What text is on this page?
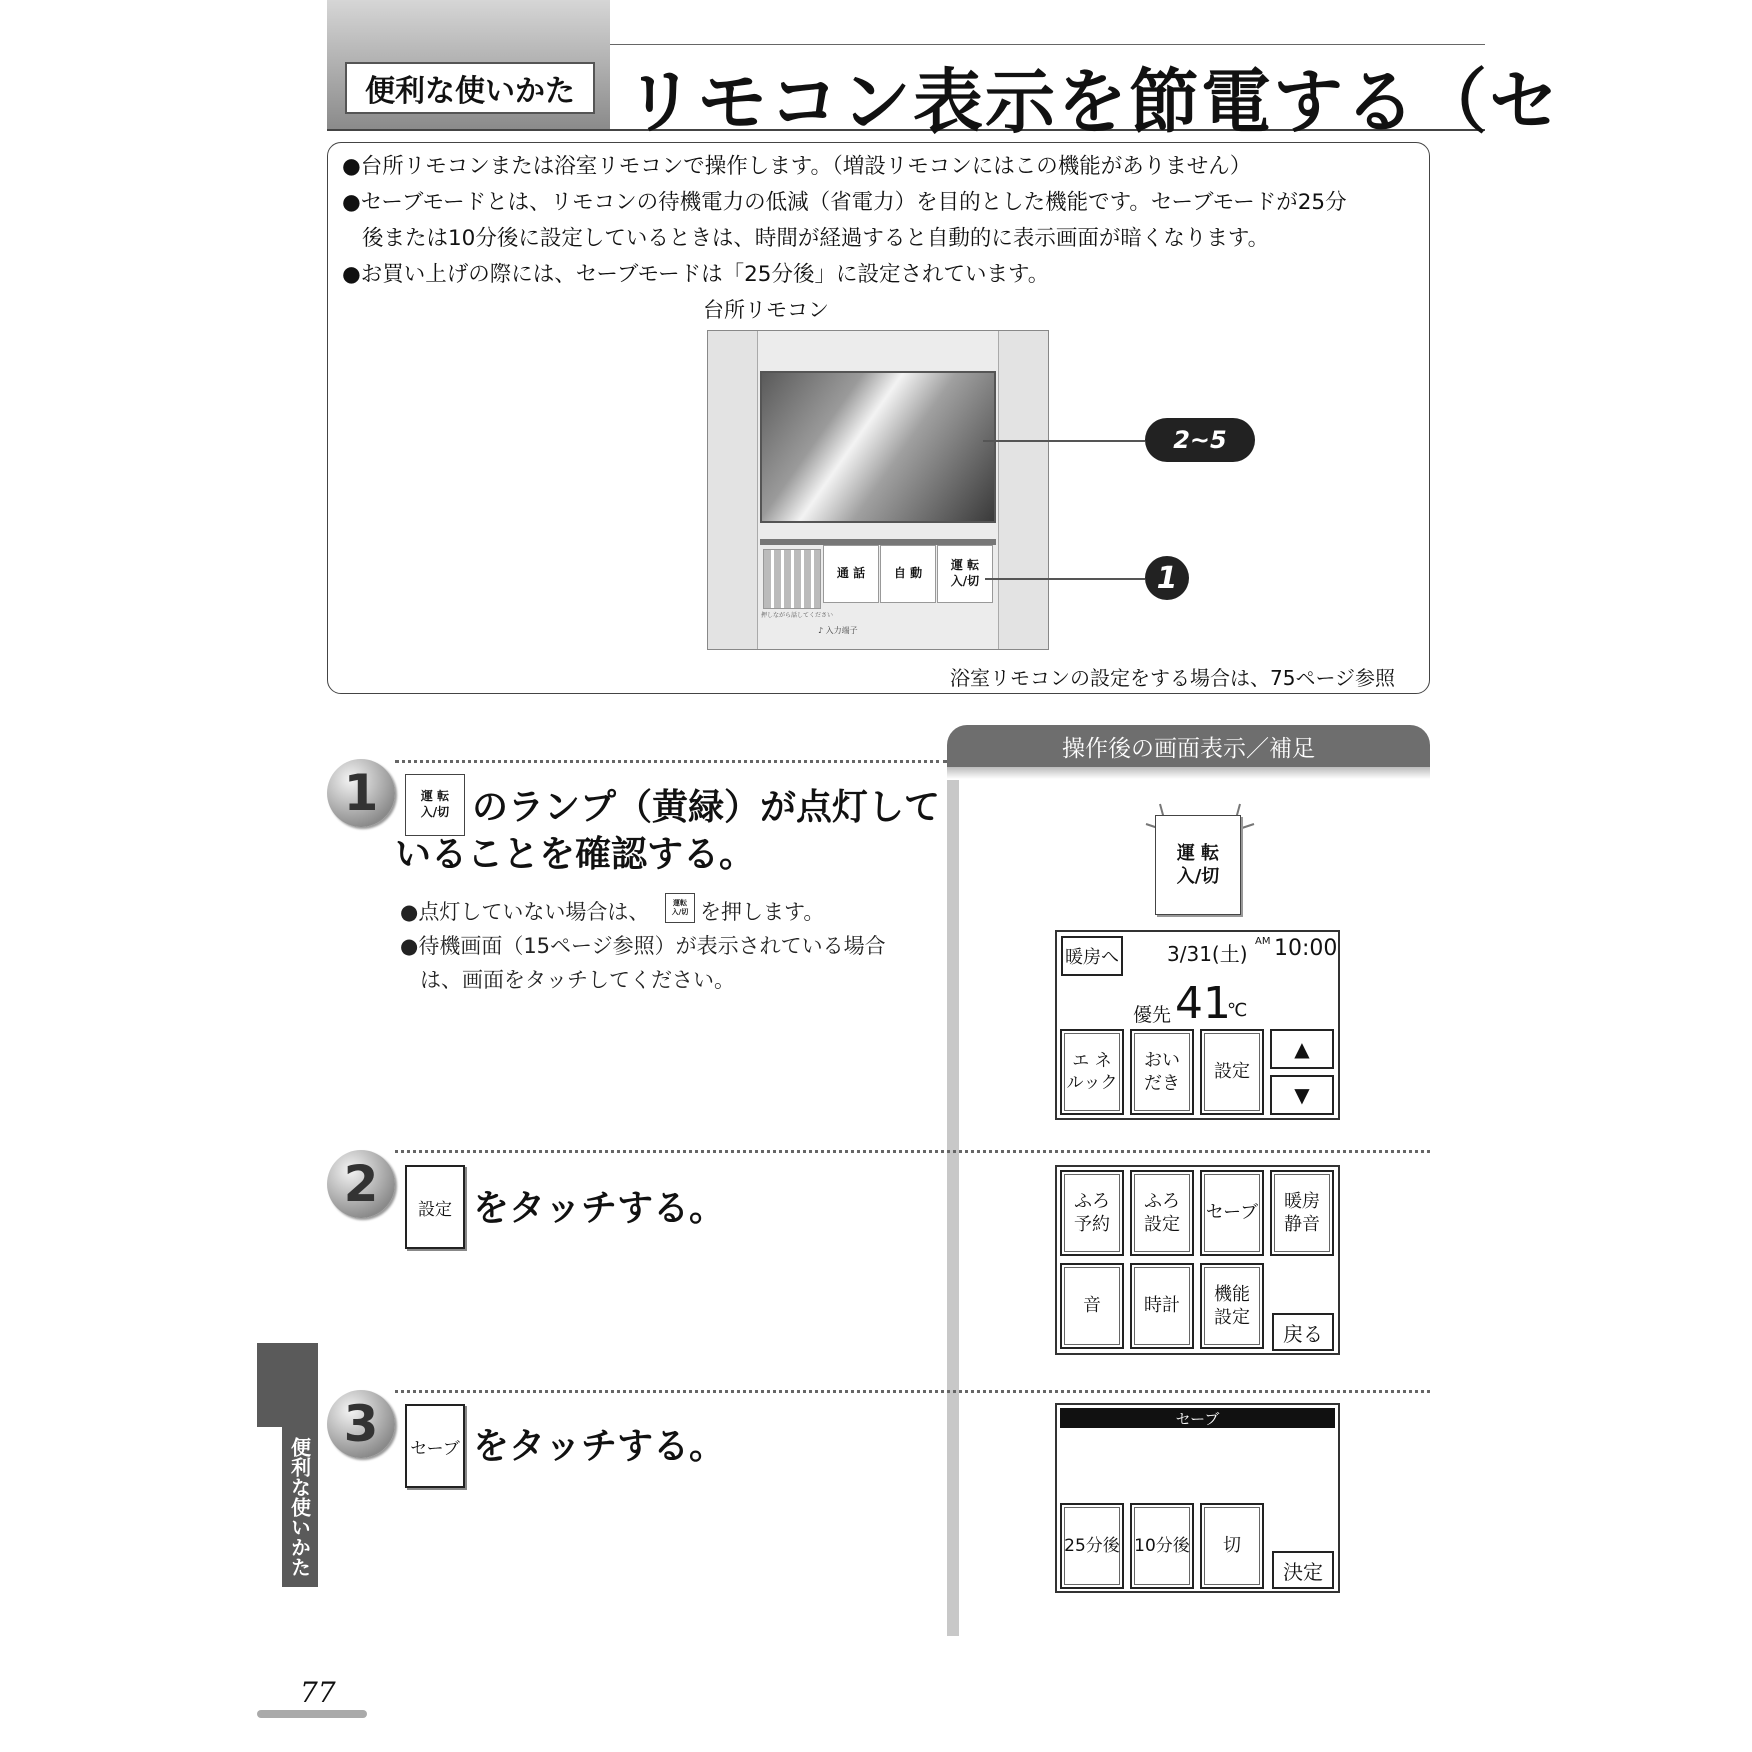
便利な使いかた リモコン表示を節電する（セ

●台所リモコンまたは浴室リモコンで操作します。（増設リモコンにはこの機能がありません）

●セーブモードとは、リモコンの待機電力の低減（省電力）を目的とした機能です。セーブモードが25分

後または10分後に設定しているときは、時間が経過すると自動的に表示画面が暗くなります。

●お買い上げの際には、セーブモードは「25分後」に設定されています。

台所リモコン
押しながら話してください
通 話	自 動
運 転
入/切
♪ 入力端子
2~5
1
浴室リモコンの設定をする場合は、75ページ参照
操作後の画面表示／補足
1	運 転
入/切 のランプ（黄緑）が点灯して
いることを確認する。
●点灯していない場合は、	運転
入/切 を押します。
●待機画面（15ページ参照）が表示されている場合
は、画面をタッチしてください。
運 転
入/切
暖房へ 3/31(土)
AM 10:00
優先 41
℃
エ ネ
ルック
おい
だき
設定
▲
▼
2	設定 をタッチする。	ふろ
予約
ふろ
設定
セーブ
暖房
静音
音	時計
機能
設定
戻る
3	セーブ をタッチする。
セーブ
25分後 10分後	切
決定
便利な使いかた
77
